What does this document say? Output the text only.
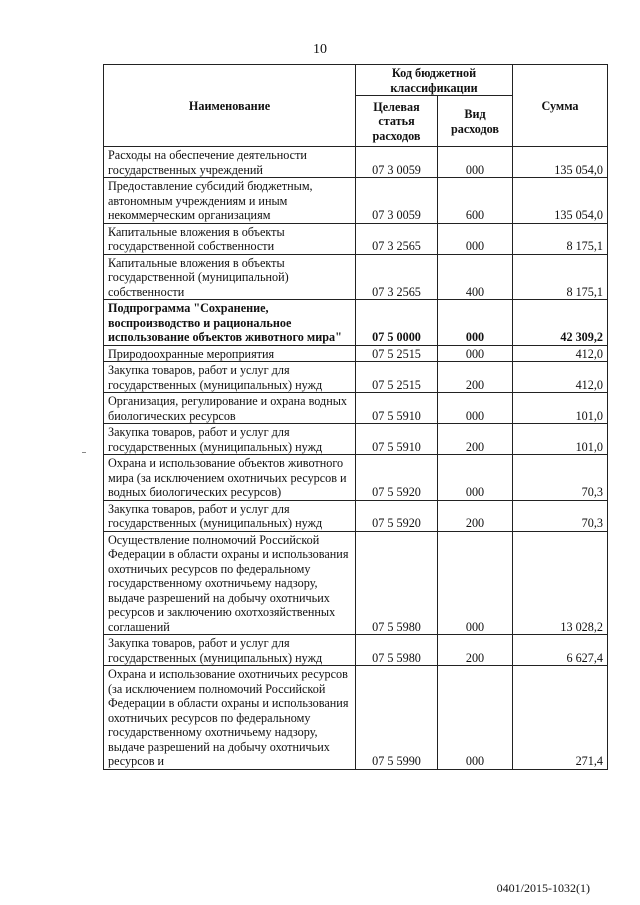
10
Наименование	Код бюджетной классификации		Сумма
	Целевая статья расходов	Вид расходов	
Расходы на обеспечение деятельности государственных учреждений	07 3 0059	000	135 054,0
Предоставление субсидий бюджетным, автономным учреждениям и иным некоммерческим организациям	07 3 0059	600	135 054,0
Капитальные вложения в объекты государственной собственности	07 3 2565	000	8 175,1
Капитальные вложения в объекты государственной (муниципальной) собственности	07 3 2565	400	8 175,1
Подпрограмма "Сохранение, воспроизводство и рациональное использование объектов животного мира"	07 5 0000	000	42 309,2
Природоохранные мероприятия	07 5 2515	000	412,0
Закупка товаров, работ и услуг для государственных (муниципальных) нужд	07 5 2515	200	412,0
Организация, регулирование и охрана водных биологических ресурсов	07 5 5910	000	101,0
Закупка товаров, работ и услуг для государственных (муниципальных) нужд	07 5 5910	200	101,0
Охрана и использование объектов животного мира (за исключением охотничьих ресурсов и водных биологических ресурсов)	07 5 5920	000	70,3
Закупка товаров, работ и услуг для государственных (муниципальных) нужд	07 5 5920	200	70,3
Осуществление полномочий Российской Федерации в области охраны и использования охотничьих ресурсов по федеральному государственному охотничьему надзору, выдаче разрешений на добычу охотничьих ресурсов и заключению охотхозяйственных соглашений	07 5 5980	000	13 028,2
Закупка товаров, работ и услуг для государственных (муниципальных) нужд	07 5 5980	200	6 627,4
Охрана и использование охотничьих ресурсов (за исключением полномочий Российской Федерации в области охраны и использования охотничьих ресурсов по федеральному государственному охотничьему надзору, выдаче разрешений на добычу охотничьих ресурсов и	07 5 5990	000	271,4
0401/2015-1032(1)
